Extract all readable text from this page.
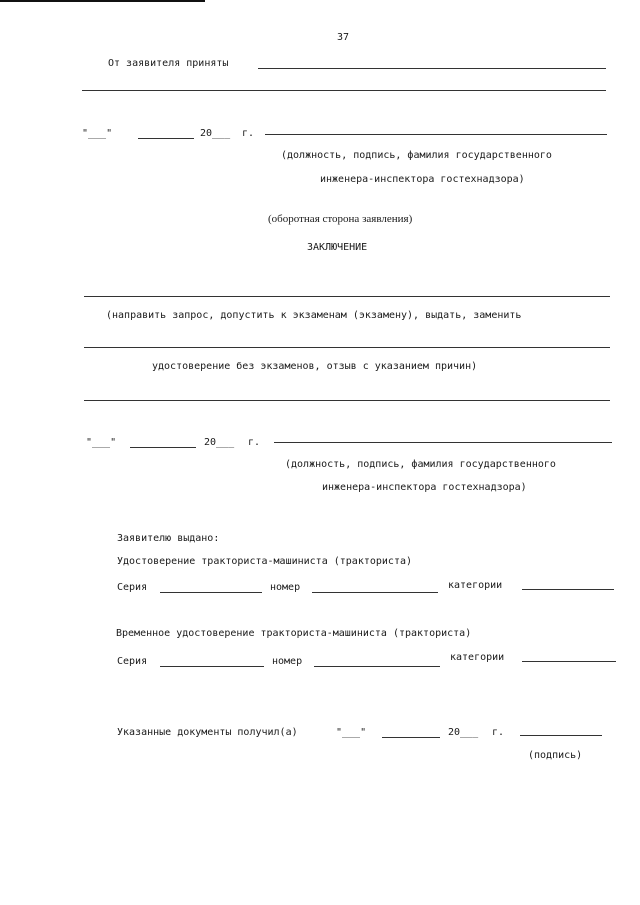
37
От заявителя приняты
"___"	20___ г.
(должность, подпись, фамилия государственного
инженера-инспектора гостехнадзора)
(оборотная сторона заявления)
ЗАКЛЮЧЕНИЕ
(направить запрос, допустить к экзаменам (экзамену), выдать, заменить
удостоверение без экзаменов, отзыв с указанием причин)
"___"	20___ г.
(должность, подпись, фамилия государственного
инженера-инспектора гостехнадзора)
Заявителю выдано:
Удостоверение тракториста-машиниста (тракториста)
Серия	номер	категории
Временное удостоверение тракториста-машиниста (тракториста)
Серия	номер	категории
Указанные документы получил(а)	"___"	20___ г.
(подпись)
